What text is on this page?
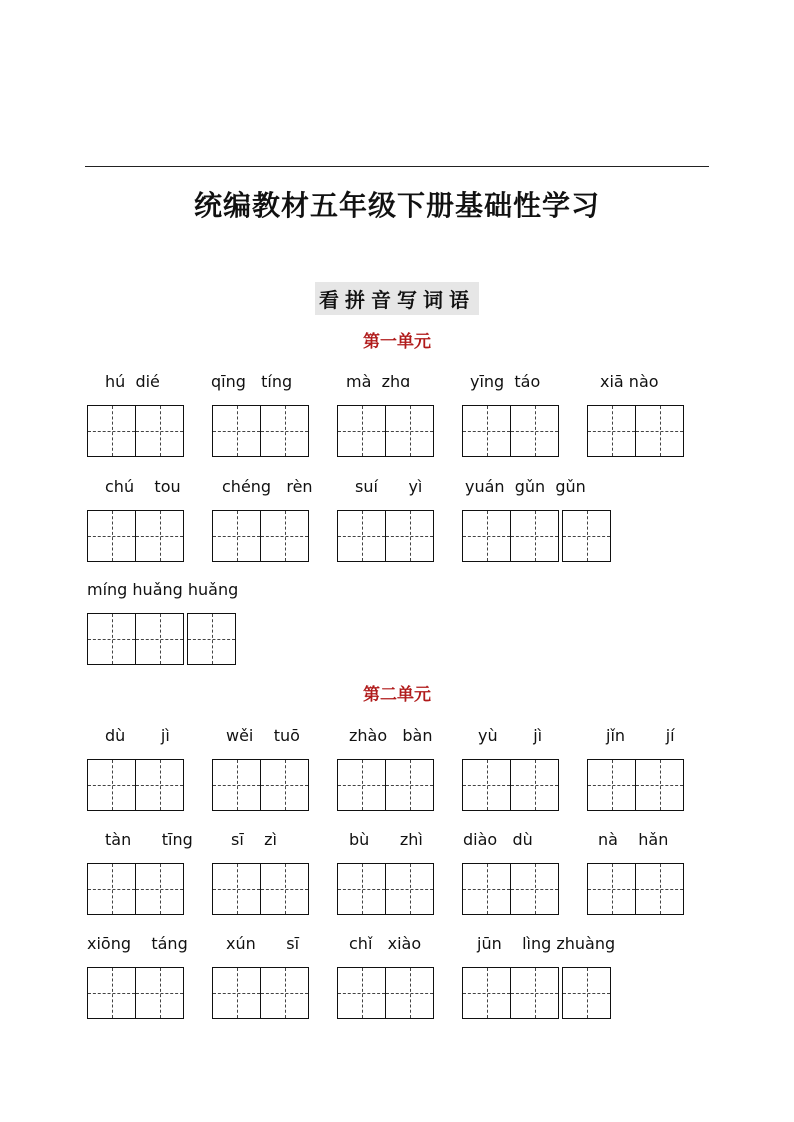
统编教材五年级下册基础性学习
看拼音写词语
第一单元
hú  dié	qīng   tíng	mà  zhɑ	yīng  táo	xiā nào
chú    tou	chéng   rèn	suí      yì	yuán  gǔn  gǔn
míng huǎng huǎng
第二单元
dù       jì	wěi    tuō	zhào   bàn	yù       jì	jǐn        jí
tàn      tīng sī    zì	bù      zhì	diào   dù	nà    hǎn
xiōng    táng xún      sī	chǐ   xiào	jūn    lìng zhuàng
